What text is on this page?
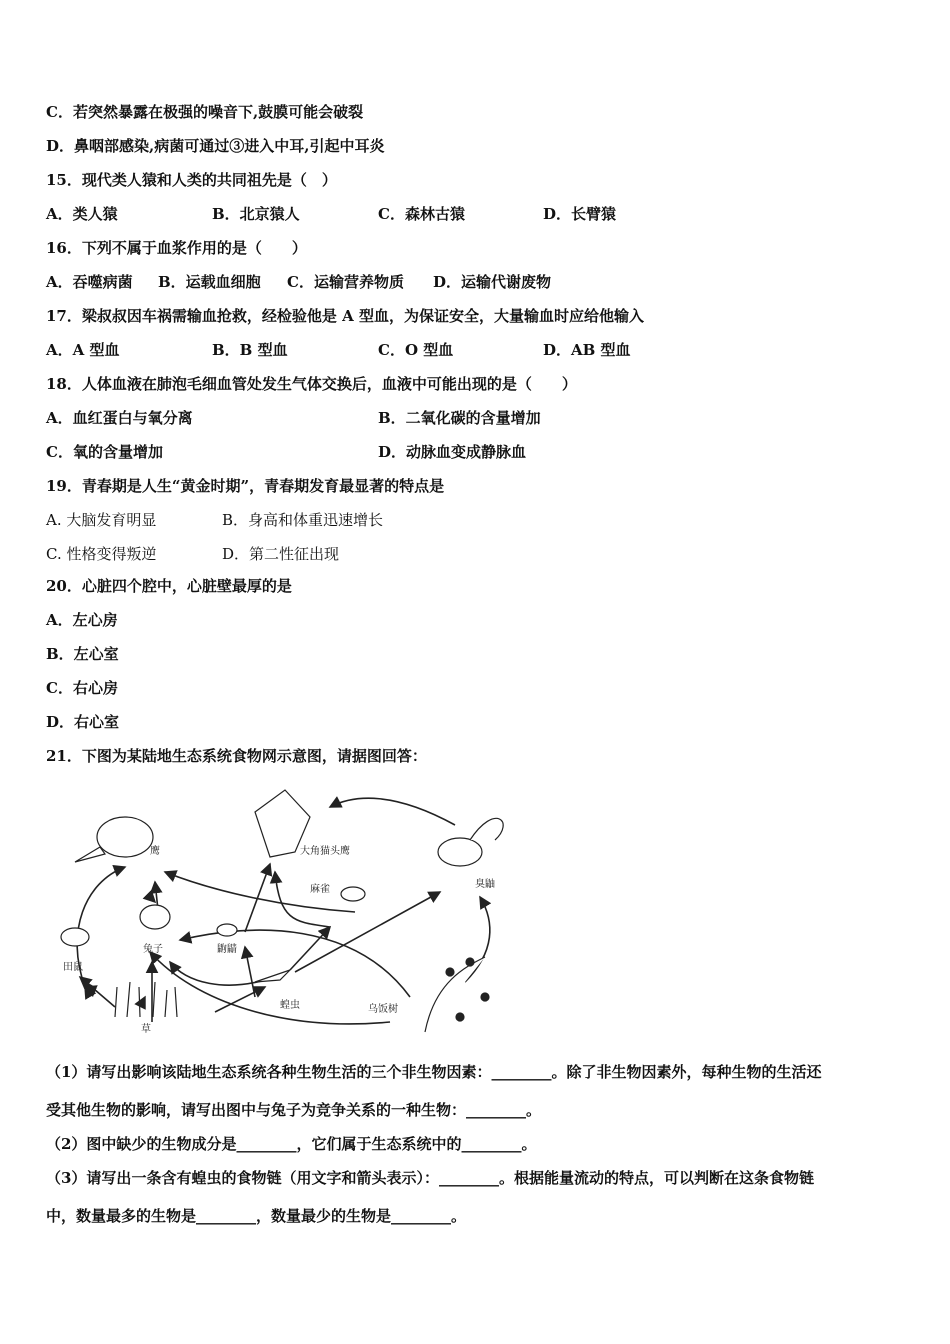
C．若突然暴露在极强的噪音下,鼓膜可能会破裂
D．鼻咽部感染,病菌可通过③进入中耳,引起中耳炎
15．现代类人猿和人类的共同祖先是（　）
A．类人猿	B．北京猿人	C．森林古猿	D．长臂猿
16．下列不属于血浆作用的是（　　）
A．吞噬病菌 B．运载血细胞 C．运输营养物质 D．运输代谢废物
17．梁叔叔因车祸需输血抢救，经检验他是 A 型血，为保证安全，大量输血时应给他输入
A．A 型血	B．B 型血	C．O 型血	D．AB 型血
18．人体血液在肺泡毛细血管处发生气体交换后，血液中可能出现的是（　　）
A．血红蛋白与氧分离	B．二氧化碳的含量增加
C．氧的含量增加	D．动脉血变成静脉血
19．青春期是人生“黄金时期”，青春期发育最显著的特点是
A. 大脑发育明显	B．身高和体重迅速增长
C. 性格变得叛逆	D．第二性征出现
20．心脏四个腔中，心脏壁最厚的是
A．左心房
B．左心室
C．右心房
D．右心室
21．下图为某陆地生态系统食物网示意图，请据图回答：
鹰	大角猫头鹰
臭鼬
麻雀
田鼠
兔子	鼩鼱
蝗虫
草
乌饭树
（1）请写出影响该陆地生态系统各种生物生活的三个非生物因素：________。除了非生物因素外，每种生物的生活还
受其他生物的影响，请写出图中与兔子为竞争关系的一种生物：________。
（2）图中缺少的生物成分是________，它们属于生态系统中的________。
（3）请写出一条含有蝗虫的食物链（用文字和箭头表示）：________。根据能量流动的特点，可以判断在这条食物链
中，数量最多的生物是________，数量最少的生物是________。
